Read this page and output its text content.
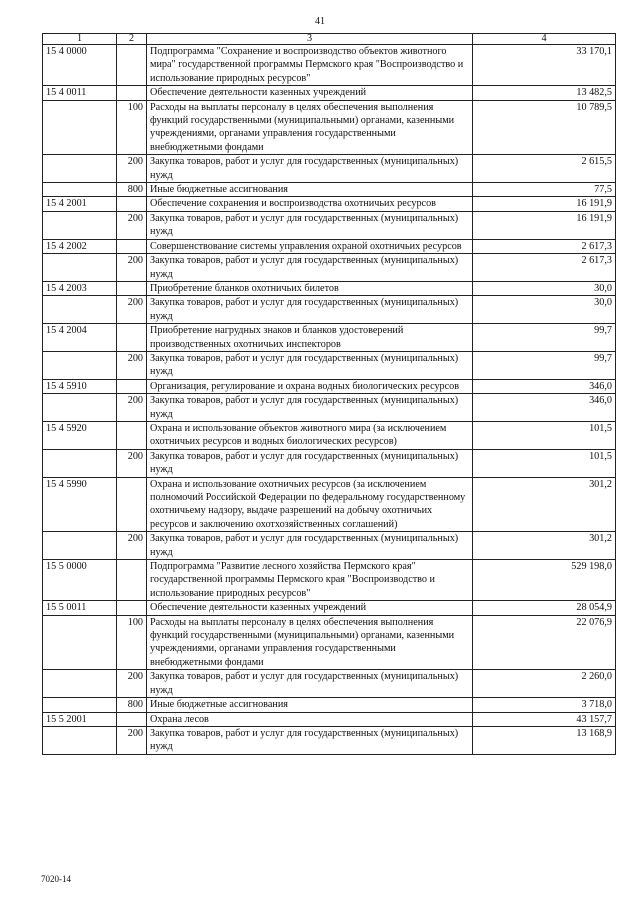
41
1	2	3	4
15 4 0000		Подпрограмма "Сохранение и воспроизводство объектов животного мира" государственной программы Пермского края "Воспроизводство и использование природных ресурсов"	33 170,1
15 4 0011		Обеспечение деятельности казенных учреждений	13 482,5
	100	Расходы на выплаты персоналу в целях обеспечения выполнения функций государственными (муниципальными) органами, казенными учреждениями, органами управления государственными внебюджетными фондами	10 789,5
	200	Закупка товаров, работ и услуг для государственных (муниципальных) нужд	2 615,5
	800	Иные бюджетные ассигнования	77,5
15 4 2001		Обеспечение сохранения и воспроизводства охотничьих ресурсов	16 191,9
	200	Закупка товаров, работ и услуг для государственных (муниципальных) нужд	16 191,9
15 4 2002		Совершенствование системы управления охраной охотничьих ресурсов	2 617,3
	200	Закупка товаров, работ и услуг для государственных (муниципальных) нужд	2 617,3
15 4 2003		Приобретение бланков охотничьих билетов	30,0
	200	Закупка товаров, работ и услуг для государственных (муниципальных) нужд	30,0
15 4 2004		Приобретение нагрудных знаков и бланков удостоверений производственных охотничьих инспекторов	99,7
	200	Закупка товаров, работ и услуг для государственных (муниципальных) нужд	99,7
15 4 5910		Организация, регулирование и охрана водных биологических ресурсов	346,0
	200	Закупка товаров, работ и услуг для государственных (муниципальных) нужд	346,0
15 4 5920		Охрана и использование объектов животного мира (за исключением охотничьих ресурсов и водных биологических ресурсов)	101,5
	200	Закупка товаров, работ и услуг для государственных (муниципальных) нужд	101,5
15 4 5990		Охрана и использование охотничьих ресурсов (за исключением полномочий Российской Федерации по федеральному государственному охотничьему надзору, выдаче разрешений на добычу охотничьих ресурсов и заключению охотхозяйственных соглашений)	301,2
	200	Закупка товаров, работ и услуг для государственных (муниципальных) нужд	301,2
15 5 0000		Подпрограмма "Развитие лесного хозяйства Пермского края" государственной программы Пермского края "Воспроизводство и использование природных ресурсов"	529 198,0
15 5 0011		Обеспечение деятельности казенных учреждений	28 054,9
	100	Расходы на выплаты персоналу в целях обеспечения выполнения функций государственными (муниципальными) органами, казенными учреждениями, органами управления государственными внебюджетными фондами	22 076,9
	200	Закупка товаров, работ и услуг для государственных (муниципальных) нужд	2 260,0
	800	Иные бюджетные ассигнования	3 718,0
15 5 2001		Охрана лесов	43 157,7
	200	Закупка товаров, работ и услуг для государственных (муниципальных) нужд	13 168,9
7020-14
